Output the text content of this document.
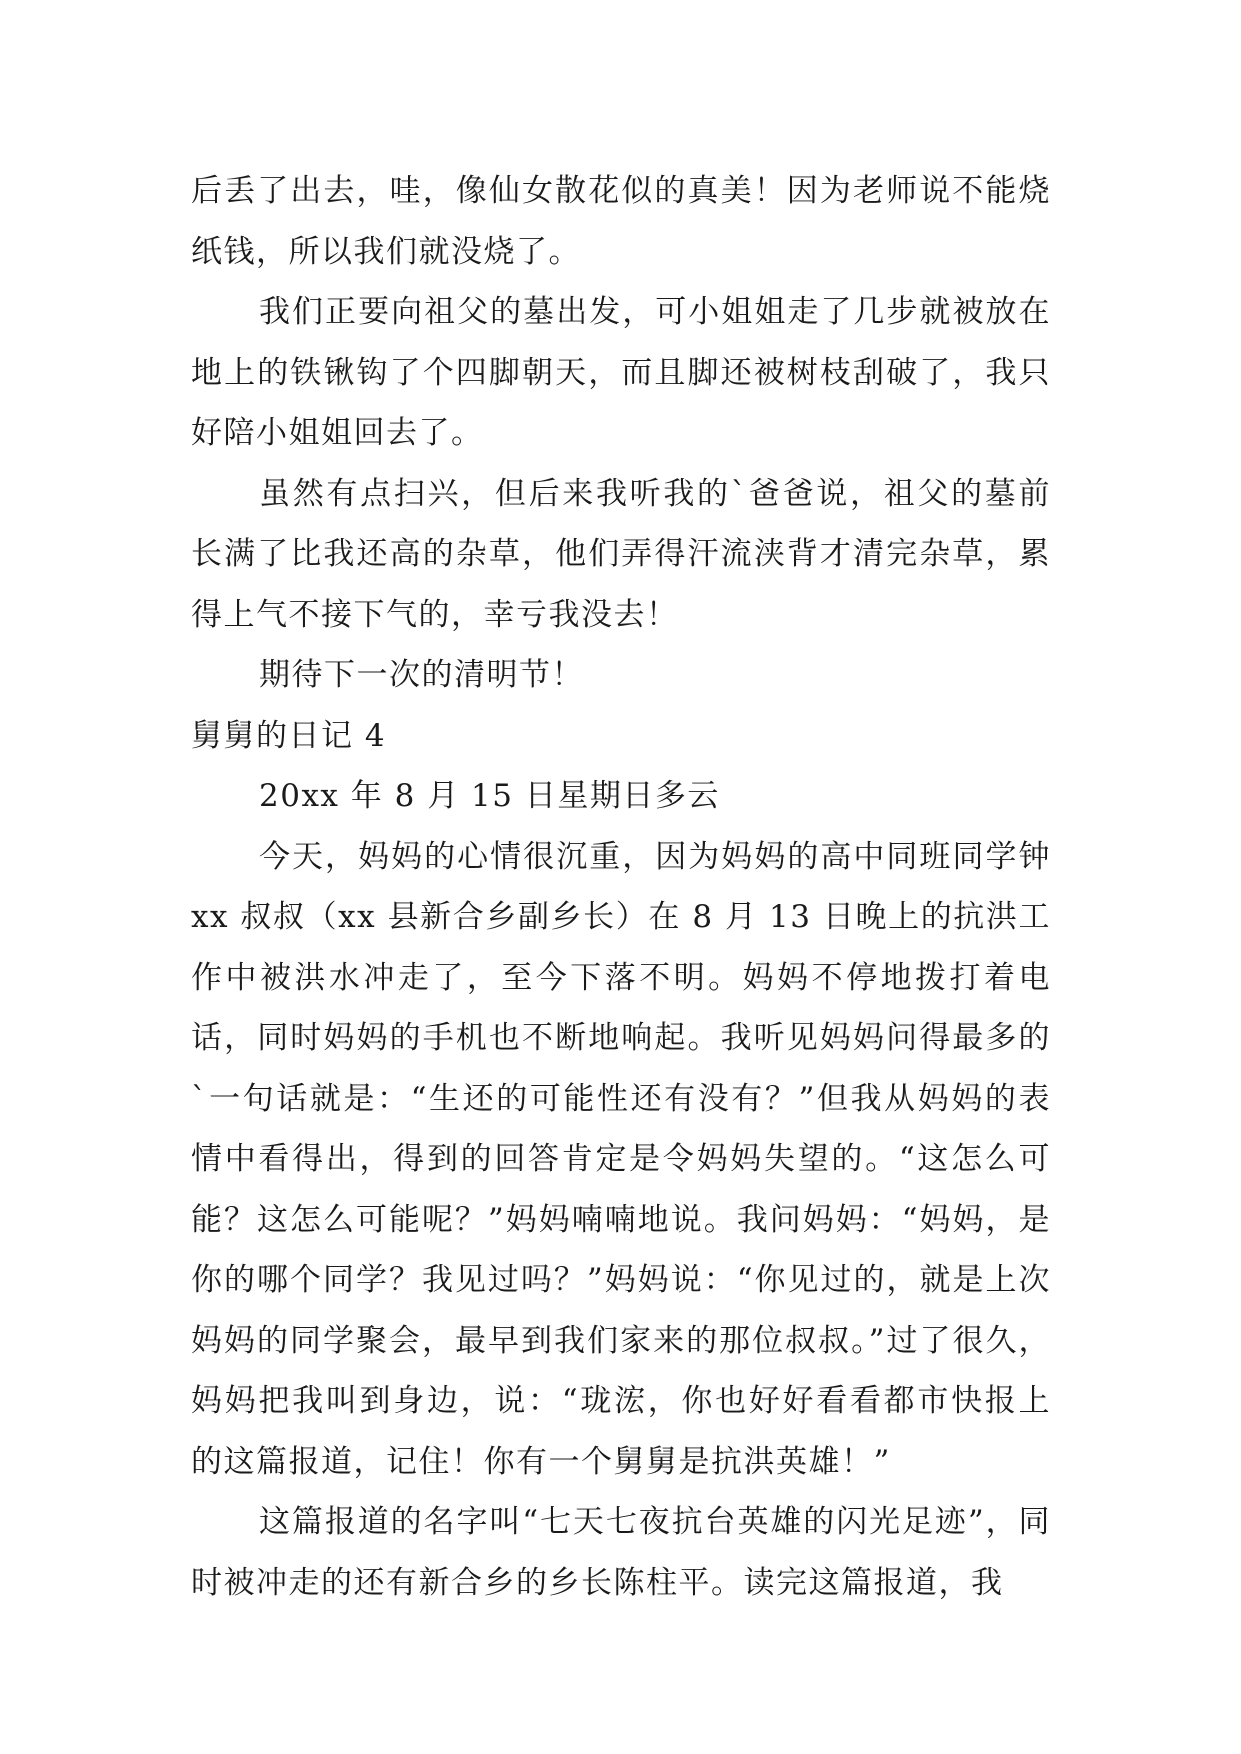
后丢了出去，哇，像仙女散花似的真美！因为老师说不能烧纸钱，所以我们就没烧了。

我们正要向祖父的墓出发，可小姐姐走了几步就被放在地上的铁锹钩了个四脚朝天，而且脚还被树枝刮破了，我只好陪小姐姐回去了。

虽然有点扫兴，但后来我听我的`爸爸说，祖父的墓前长满了比我还高的杂草，他们弄得汗流浃背才清完杂草，累得上气不接下气的，幸亏我没去！

期待下一次的清明节！

舅舅的日记 4

20xx 年 8 月 15 日星期日多云

今天，妈妈的心情很沉重，因为妈妈的高中同班同学钟 xx 叔叔（xx 县新合乡副乡长）在 8 月 13 日晚上的抗洪工作中被洪水冲走了，至今下落不明。妈妈不停地拨打着电话，同时妈妈的手机也不断地响起。我听见妈妈问得最多的`一句话就是：“生还的可能性还有没有？”但我从妈妈的表情中看得出，得到的回答肯定是令妈妈失望的。“这怎么可能？这怎么可能呢？”妈妈喃喃地说。我问妈妈：“妈妈，是你的哪个同学？我见过吗？”妈妈说：“你见过的，就是上次妈妈的同学聚会，最早到我们家来的那位叔叔。”过了很久，妈妈把我叫到身边，说：“珑浤，你也好好看看都市快报上的这篇报道，记住！你有一个舅舅是抗洪英雄！”

这篇报道的名字叫“七天七夜抗台英雄的闪光足迹”，同时被冲走的还有新合乡的乡长陈柱平。读完这篇报道，我
